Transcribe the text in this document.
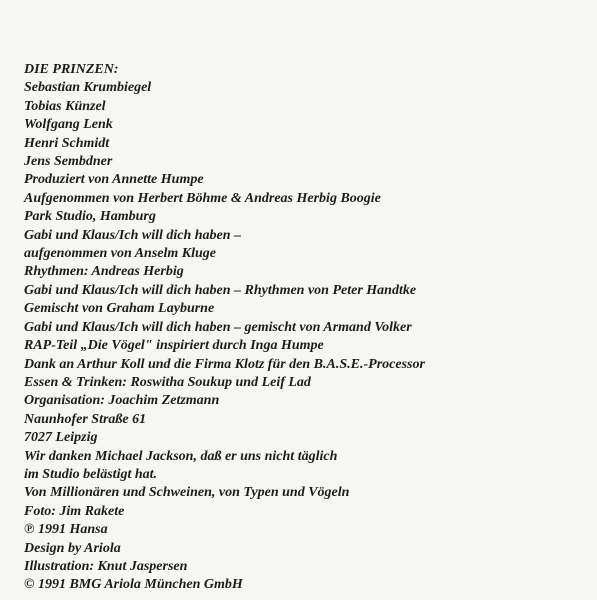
DIE PRINZEN:
Sebastian Krumbiegel
Tobias Künzel
Wolfgang Lenk
Henri Schmidt
Jens Sembdner
Produziert von Annette Humpe
Aufgenommen von Herbert Böhme & Andreas Herbig Boogie
Park Studio, Hamburg
Gabi und Klaus/Ich will dich haben –
aufgenommen von Anselm Kluge
Rhythmen: Andreas Herbig
Gabi und Klaus/Ich will dich haben – Rhythmen von Peter Handtke
Gemischt von Graham Layburne
Gabi und Klaus/Ich will dich haben – gemischt von Armand Volker
RAP-Teil „Die Vögel" inspiriert durch Inga Humpe
Dank an Arthur Koll und die Firma Klotz für den B.A.S.E.-Processor
Essen & Trinken: Roswitha Soukup und Leif Lad
Organisation: Joachim Zetzmann
Naunhofer Straße 61
7027 Leipzig
Wir danken Michael Jackson, daß er uns nicht täglich
im Studio belästigt hat.
Von Millionären und Schweinen, von Typen und Vögeln
Foto: Jim Rakete
℗ 1991 Hansa
Design by Ariola
Illustration: Knut Jaspersen
© 1991 BMG Ariola München GmbH
